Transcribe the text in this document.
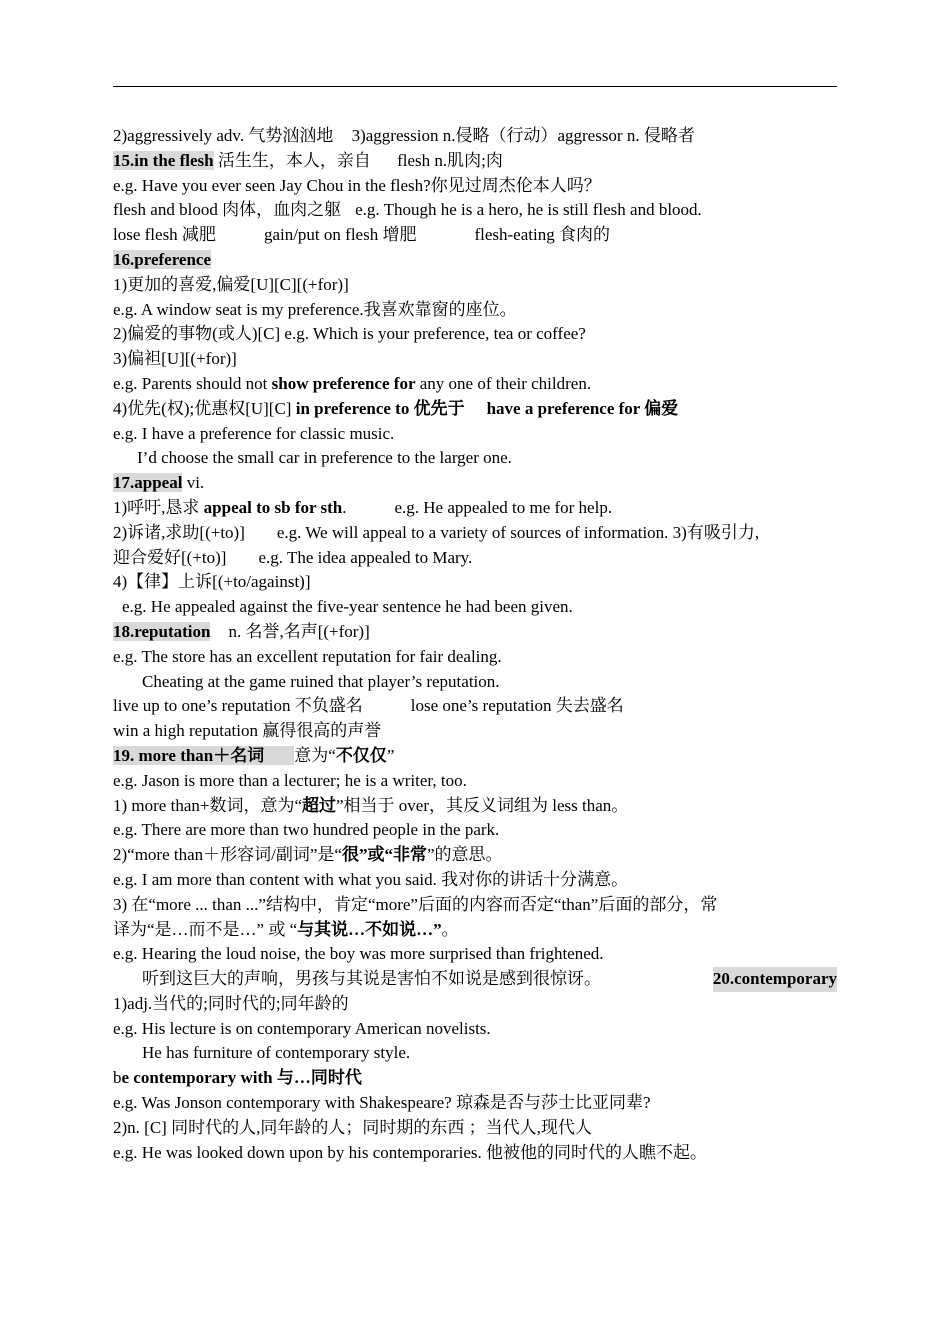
2)aggressively adv. 气势汹汹地 3)aggression n.侵略（行动）aggressor n. 侵略者
15.in the flesh 活生生，本人，亲自 flesh n.肌肉;肉
e.g. Have you ever seen Jay Chou in the flesh?你见过周杰伦本人吗？
flesh and blood 肉体，血肉之躯 e.g. Though he is a hero, he is still flesh and blood.
lose flesh 减肥	gain/put on flesh 增肥	flesh-eating 食肉的
16.preference
1)更加的喜爱,偏爱[U][C][(+for)]
e.g. A window seat is my preference.我喜欢靠窗的座位。
2)偏爱的事物(或人)[C] e.g. Which is your preference, tea or coffee?
3)偏袒[U][(+for)]
e.g. Parents should not show preference for any one of their children.
4)优先(权);优惠权[U][C] in preference to 优先于 have a preference for 偏爱
e.g. I have a preference for classic music.
I’d choose the small car in preference to the larger one.
17.appeal vi.
1)呼吁,恳求 appeal to sb for sth.	e.g. He appealed to me for help.
2)诉诸,求助[(+to)] e.g. We will appeal to a variety of sources of information. 3)有吸引力,
迎合爱好[(+to)] e.g. The idea appealed to Mary.
4)【律】上诉[(+to/against)]
e.g. He appealed against the five-year sentence he had been given.
18.reputation n. 名誉,名声[(+for)]
e.g. The store has an excellent reputation for fair dealing.
Cheating at the game ruined that player’s reputation.
live up to one’s reputation 不负盛名	lose one’s reputation 失去盛名
win a high reputation 赢得很高的声誉
19. more than＋名词 意为“不仅仅”
e.g. Jason is more than a lecturer; he is a writer, too.
1) more than+数词，意为“超过”相当于 over，其反义词组为 less than。
e.g. There are more than two hundred people in the park.
2)“more than＋形容词/副词”是“很”或“非常”的意思。
e.g. I am more than content with what you said. 我对你的讲话十分满意。
3) 在“more ... than ...”结构中，肯定“more”后面的内容而否定“than”后面的部分，常
译为“是…而不是…” 或 “与其说…不如说…”。
e.g. Hearing the loud noise, the boy was more surprised than frightened.
听到这巨大的声响，男孩与其说是害怕不如说是感到很惊讶。	20.contemporary
1)adj.当代的;同时代的;同年龄的
e.g. His lecture is on contemporary American novelists.
He has furniture of contemporary style.
be contemporary with 与…同时代
e.g. Was Jonson contemporary with Shakespeare? 琼森是否与莎士比亚同辈?
2)n. [C] 同时代的人,同年龄的人；同时期的东西 ；当代人,现代人
e.g. He was looked down upon by his contemporaries. 他被他的同时代的人瞧不起。
